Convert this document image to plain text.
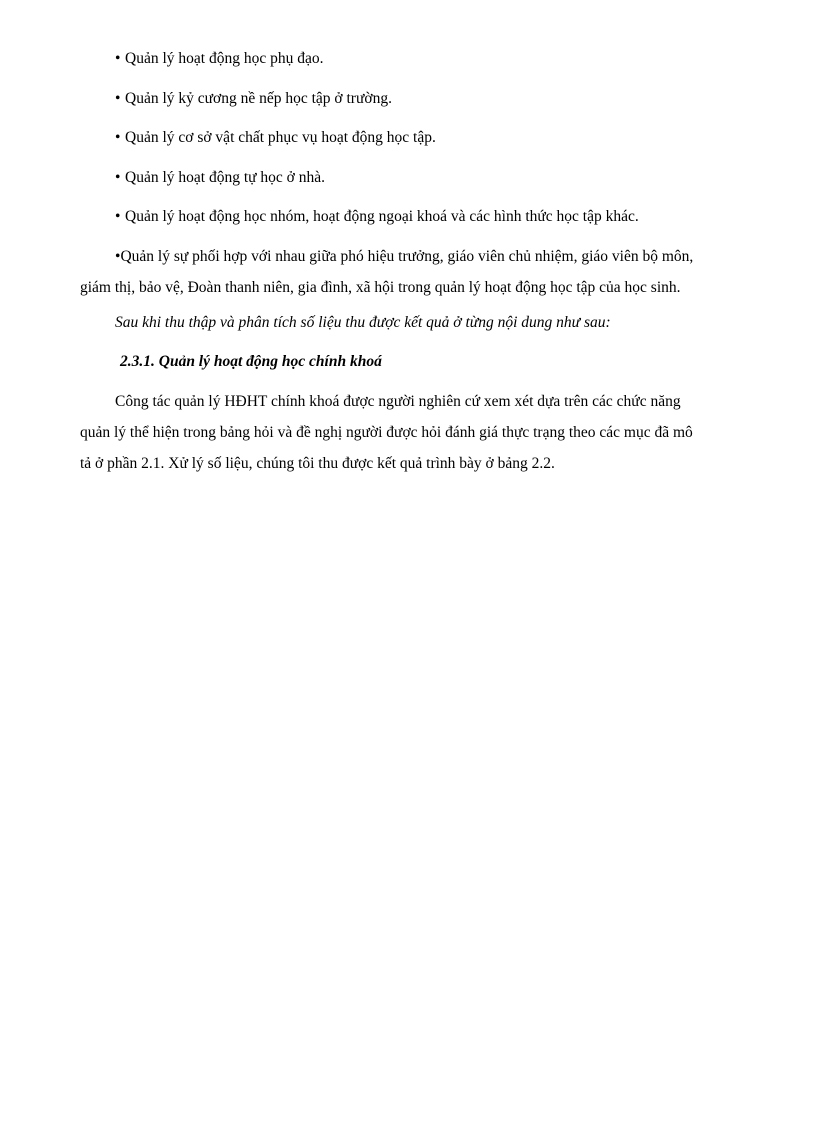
• Quản lý hoạt động học phụ đạo.
• Quản lý kỷ cương nề nếp học tập ở trường.
• Quản lý cơ sở vật chất phục vụ hoạt động học tập.
• Quản lý hoạt động tự học ở nhà.
• Quản lý hoạt động học nhóm, hoạt động ngoại khoá và các hình thức học tập khác.
•Quản lý sự phối hợp với nhau giữa phó hiệu trưởng, giáo viên chủ nhiệm, giáo viên bộ môn,
giám thị, bảo vệ, Đoàn thanh niên, gia đình, xã hội trong quản lý hoạt động học tập của học sinh.
Sau khi thu thập và phân tích số liệu thu được kết quả ở từng nội dung như sau:
2.3.1. Quản lý hoạt động học chính khoá
Công tác quản lý HĐHT chính khoá được người nghiên cứ xem xét dựa trên các chức năng
quản lý thể hiện trong bảng hỏi và đề nghị người được hỏi đánh giá thực trạng theo các mục đã mô
tả ở phần 2.1. Xử lý số liệu, chúng tôi thu được kết quả trình bày ở bảng 2.2.
